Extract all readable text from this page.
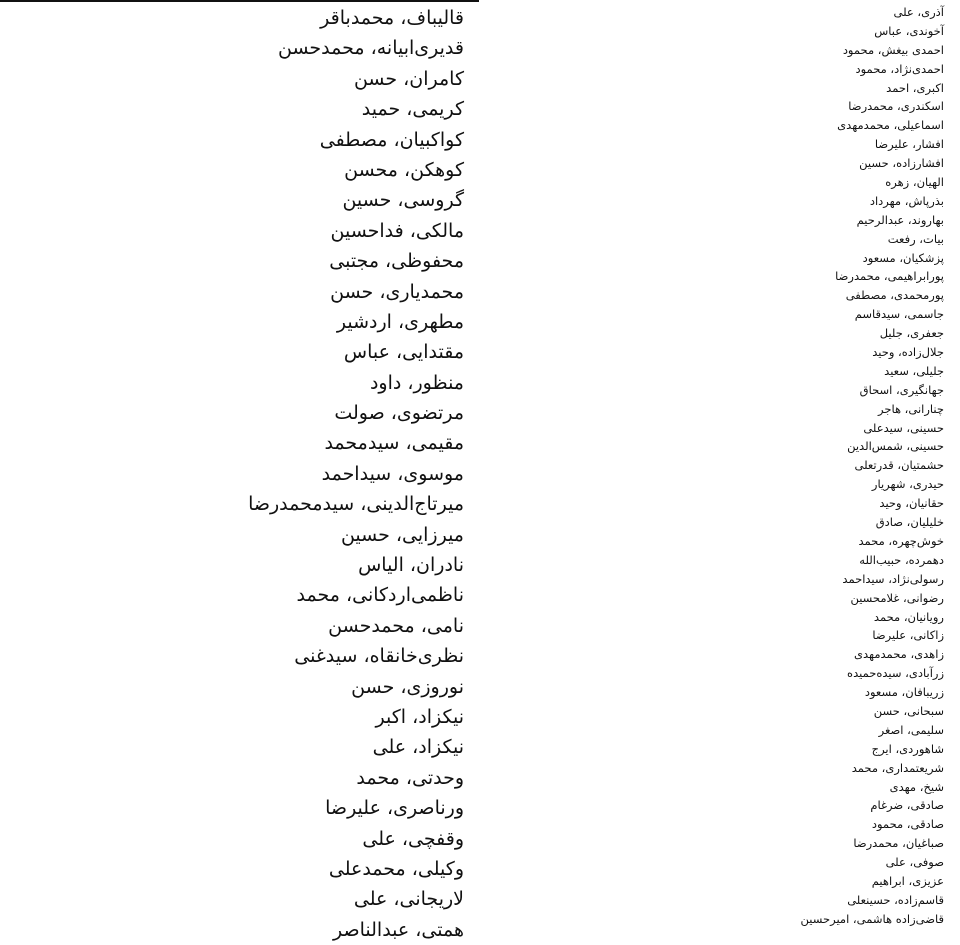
قالیباف، محمدباقر
قدیری‌ابیانه، محمدحسن
کامران، حسن
کریمی، حمید
کواکبیان، مصطفی
کوهکن، محسن
گروسی، حسین
مالکی، فداحسین
محفوظی، مجتبی
محمدیاری، حسن
مطهری، اردشیر
مقتدایی، عباس
منظور، داود
مرتضوی، صولت
مقیمی، سیدمحمد
موسوی، سیداحمد
میرتاج‌الدینی، سیدمحمدرضا
میرزایی، حسین
نادران، الیاس
ناظمی‌اردکانی، محمد
نامی، محمدحسن
نظری‌خانقاه، سیدغنی
نوروزی، حسن
نیکزاد، اکبر
نیکزاد، علی
وحدتی، محمد
ورناصری، علیرضا
وقفچی، علی
وکیلی، محمدعلی
لاریجانی، علی
همتی، عبدالناصر
آذری، علی
آخوندی، عباس
احمدی بیغش، محمود
احمدی‌نژاد، محمود
اکبری، احمد
اسکندری، محمدرضا
اسماعیلی، محمدمهدی
افشار، علیرضا
افشارزاده، حسین
الهیان، زهره
بذرپاش، مهرداد
بهاروند، عبدالرحیم
بیات، رفعت
پزشکیان، مسعود
پورابراهیمی، محمدرضا
پورمحمدی، مصطفی
جاسمی، سیدقاسم
جعفری، جلیل
جلال‌زاده، وحید
جلیلی، سعید
جهانگیری، اسحاق
چنارانی، هاجر
حسینی، سیدعلی
حسینی، شمس‌الدین
حشمتیان، قدرتعلی
حیدری، شهریار
حقانیان، وحید
خلیلیان، صادق
خوش‌چهره، محمد
دهمرده، حبیب‌الله
رسولی‌نژاد، سیداحمد
رضوانی، غلامحسین
رویانیان، محمد
زاکانی، علیرضا
زاهدی، محمدمهدی
زرآبادی، سیده‌حمیده
زریبافان، مسعود
سبحانی، حسن
سلیمی، اصغر
شاهوردی، ایرج
شریعتمداری، محمد
شیخ، مهدی
صادقی، ضرغام
صادقی، محمود
صباغیان، محمدرضا
صوفی، علی
عزیزی، ابراهیم
قاسم‌زاده، حسینعلی
قاضی‌زاده هاشمی، امیرحسین
